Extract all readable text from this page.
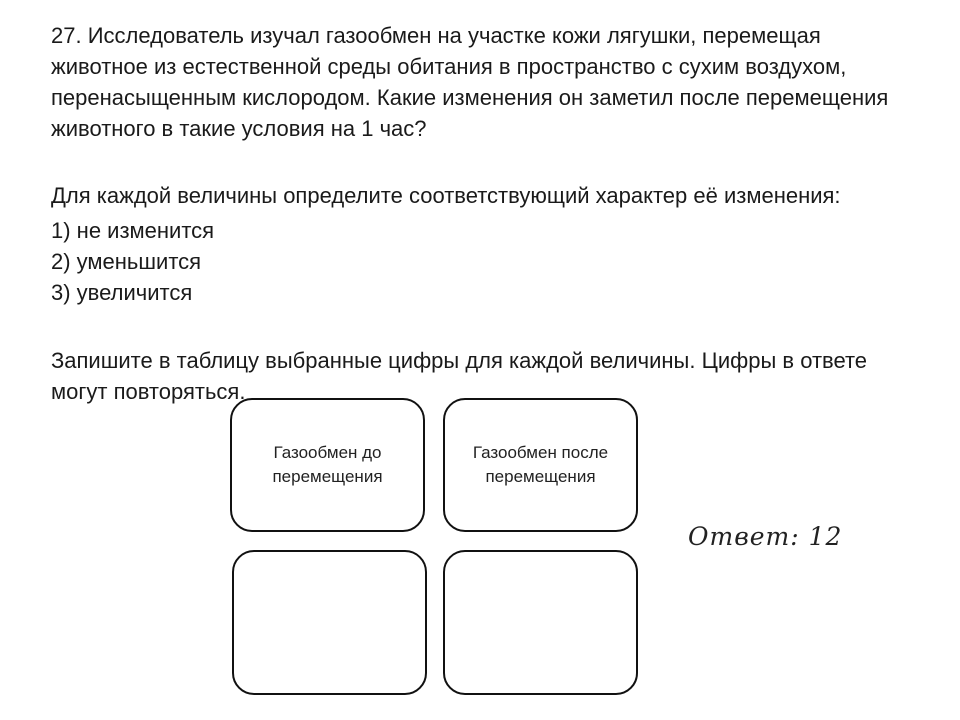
27. Исследователь изучал газообмен на участке кожи лягушки, перемещая животное из естественной среды обитания в пространство с сухим воздухом, перенасыщенным кислородом. Какие изменения он заметил после перемещения животного в такие условия на 1 час?

Для каждой величины определите соответствующий характер её изменения:

1) не изменится
2) уменьшится
3) увеличится

Запишите в таблицу выбранные цифры для каждой величины. Цифры в ответе могут повторяться.

Газообмен до перемещения
Газообмен после перемещения
Ответ: 12
